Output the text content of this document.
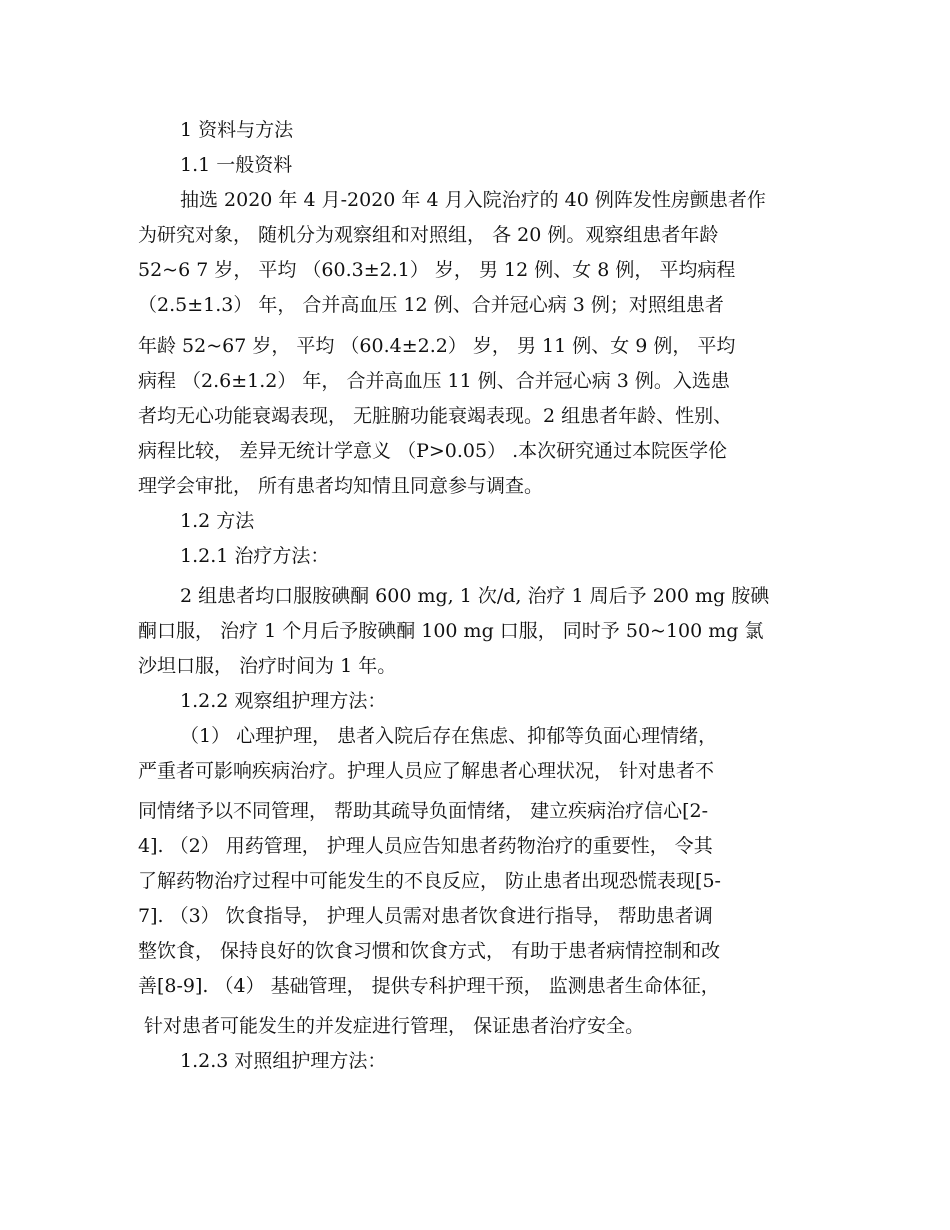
1 资料与方法

1.1 一般资料

抽选 2020 年 4 月-2020 年 4 月入院治疗的 40 例阵发性房颤患者作

为研究对象， 随机分为观察组和对照组， 各 20 例。观察组患者年龄

52~6 7 岁， 平均 （60.3±2.1） 岁， 男 12 例、女 8 例， 平均病程

（2.5±1.3） 年， 合并高血压 12 例、合并冠心病 3 例；对照组患者

年龄 52~67 岁， 平均 （60.4±2.2） 岁， 男 11 例、女 9 例， 平均

病程 （2.6±1.2） 年， 合并高血压 11 例、合并冠心病 3 例。入选患

者均无心功能衰竭表现， 无脏腑功能衰竭表现。2 组患者年龄、性别、

病程比较， 差异无统计学意义 （P>0.05） .本次研究通过本院医学伦

理学会审批， 所有患者均知情且同意参与调查。

1.2 方法

1.2.1 治疗方法：

2 组患者均口服胺碘酮 600 mg, 1 次/d, 治疗 1 周后予 200 mg 胺碘

酮口服， 治疗 1 个月后予胺碘酮 100 mg 口服， 同时予 50~100 mg 氯

沙坦口服， 治疗时间为 1 年。

1.2.2 观察组护理方法：

（1） 心理护理， 患者入院后存在焦虑、抑郁等负面心理情绪，

严重者可影响疾病治疗。护理人员应了解患者心理状况， 针对患者不

同情绪予以不同管理， 帮助其疏导负面情绪， 建立疾病治疗信心[2-

4]. （2） 用药管理， 护理人员应告知患者药物治疗的重要性， 令其

了解药物治疗过程中可能发生的不良反应， 防止患者出现恐慌表现[5-

7]. （3） 饮食指导， 护理人员需对患者饮食进行指导， 帮助患者调

整饮食， 保持良好的饮食习惯和饮食方式， 有助于患者病情控制和改

善[8-9]. （4） 基础管理， 提供专科护理干预， 监测患者生命体征，

针对患者可能发生的并发症进行管理， 保证患者治疗安全。

1.2.3 对照组护理方法：
